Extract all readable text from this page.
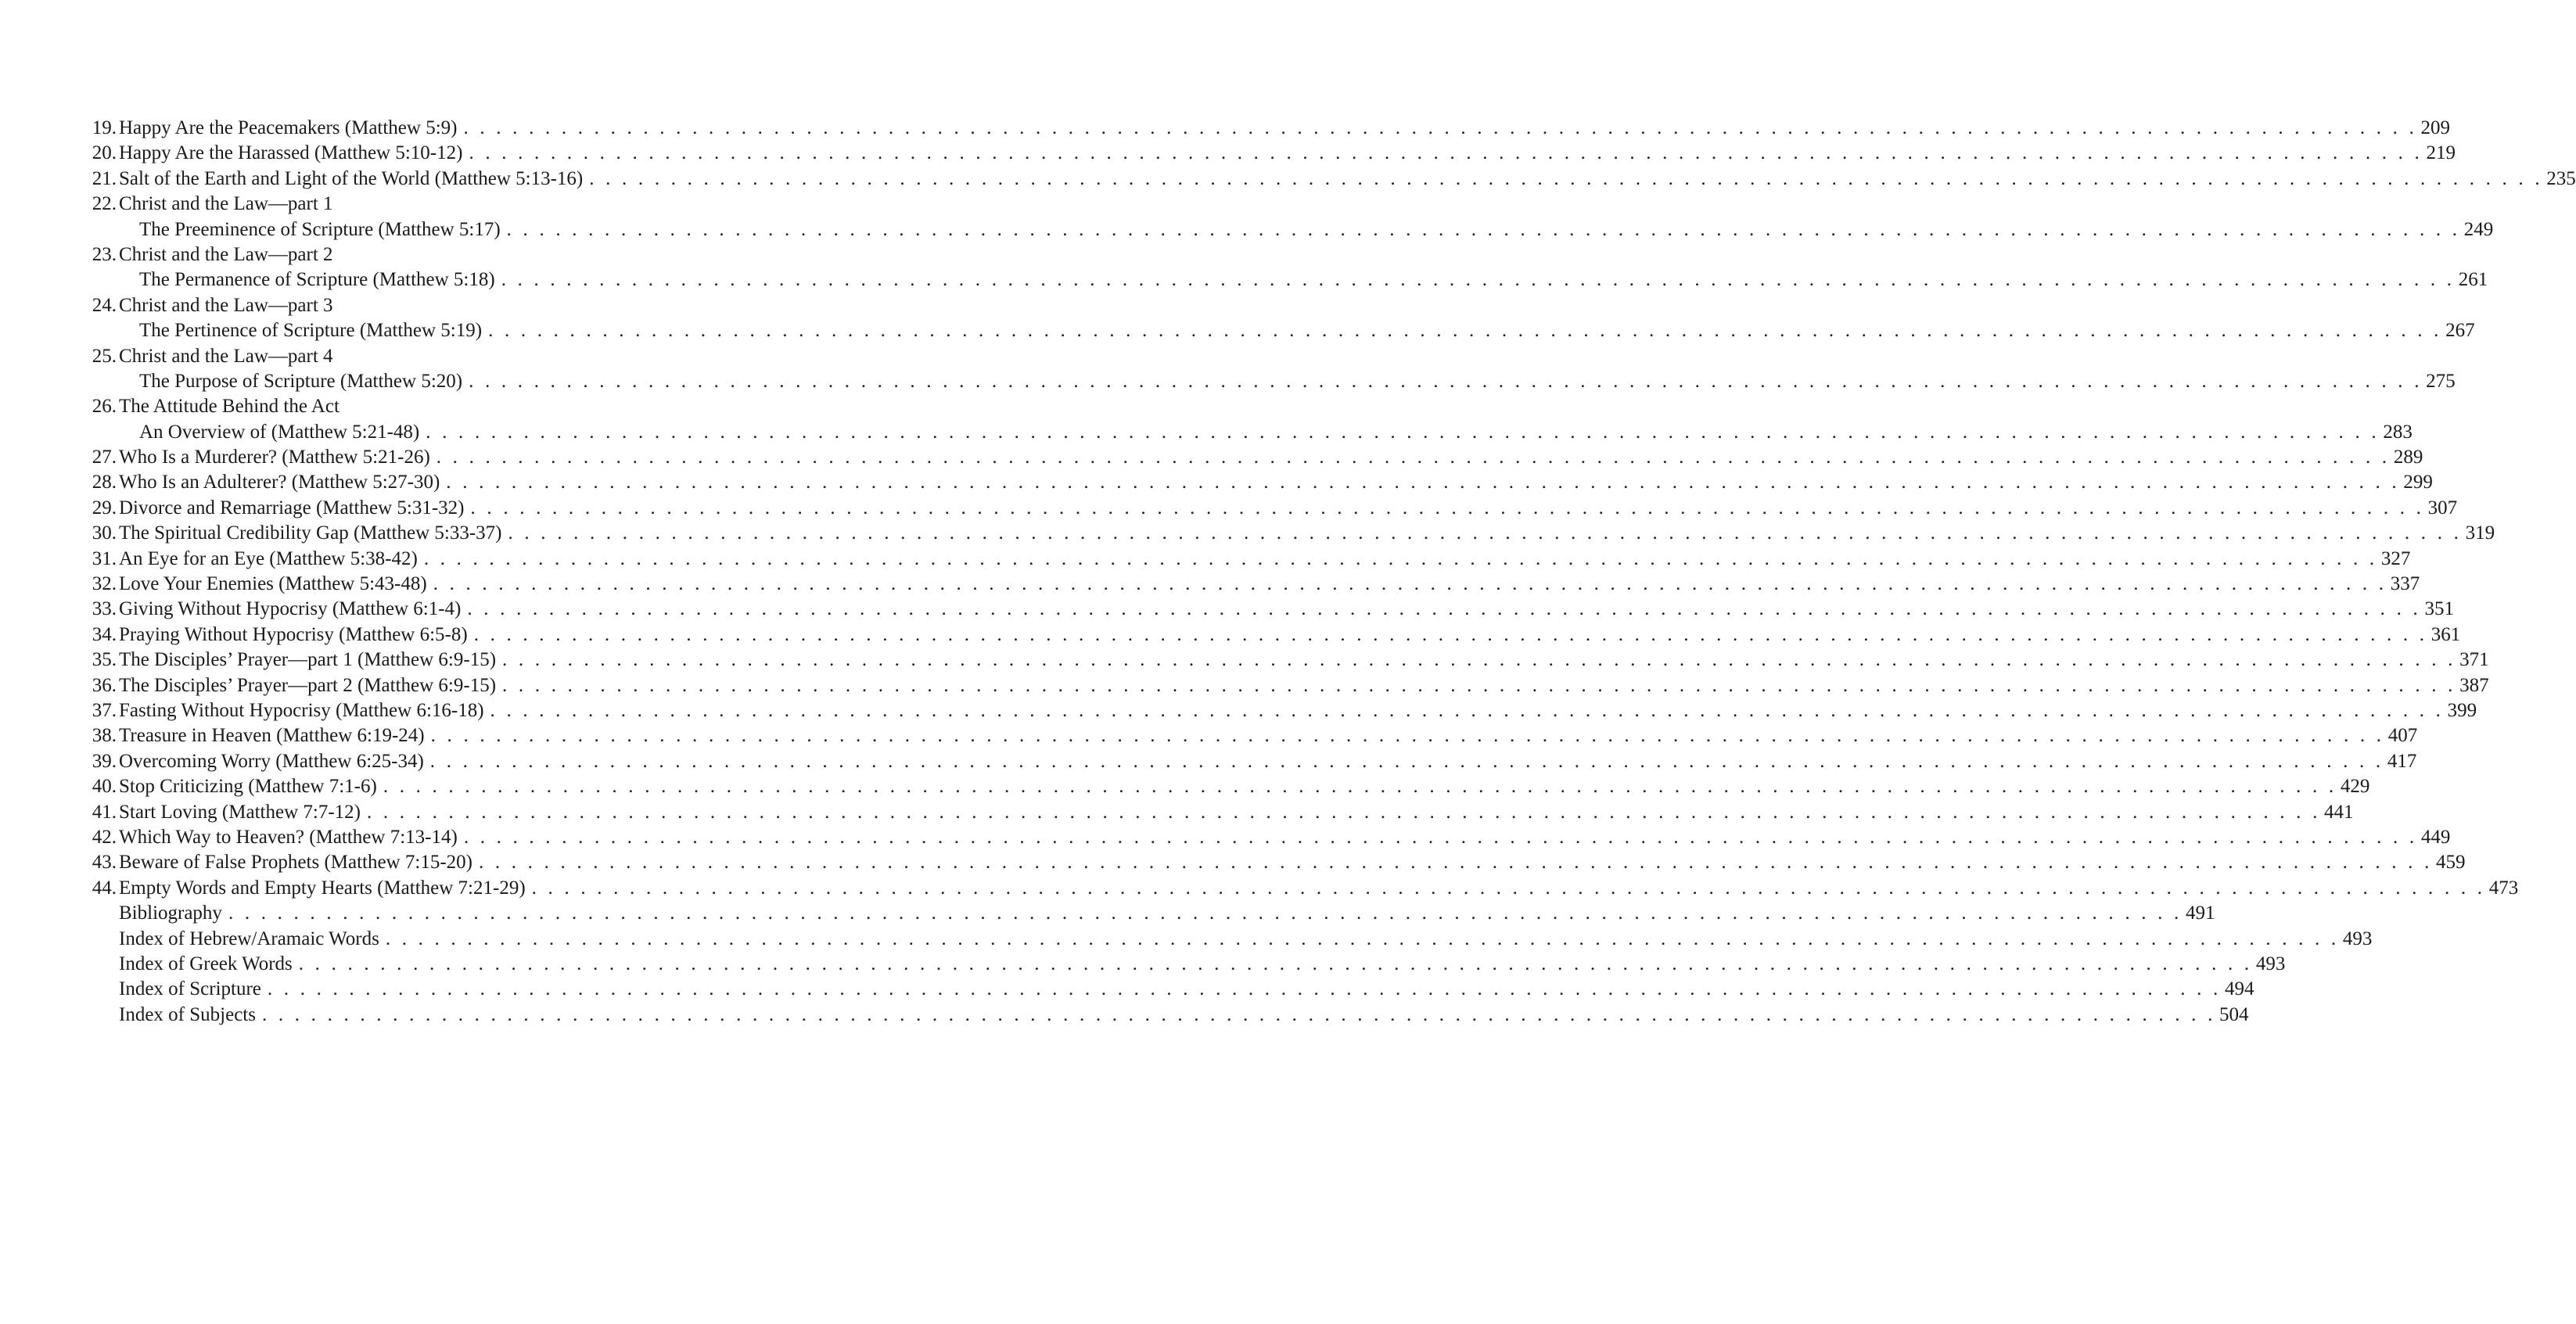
19. Happy Are the Peacemakers (Matthew 5:9) . . . . . . . . . . . . . . . . . . . . . . . . . . . . . . . . . . . . . . . . . . . . . . . . . . . . . . . . . . . . . . . . . . . . . . . . . . . . . . . . . . . . . . . . . . . . . . . . . . . . . . . . . . . . . . . . . . . . . . . . 209
20. Happy Are the Harassed (Matthew 5:10-12) . . . . . . . . . . . . . . . . . . . . . . . . . . . . . . . . . . . . . . . . . . . . . . . . . . . . . . . . . . . . . . . . . . . . . . . . . . . . . . . . . . . . . . . . . . . . . . . . . . . . . . . . . . . . . . . . . . . . . . . . 219
21. Salt of the Earth and Light of the World (Matthew 5:13-16) . . . . . . . . . . . . . . . . . . . . . . . . . . . . . . . . . . . . . . . . . . . . . . . . . . . . . . . . . . . . . . . . . . . . . . . . . . . . . . . . . . . . . . . . . . . . . . . . . . . . . . . . . . . . . . . . . . . . . . . . 235
22. Christ and the Law—part 1
The Preeminence of Scripture (Matthew 5:17) . . . . . . . . . . . . . . . . . . . . . . . . . . . . . . . . . . . . . . . . . . . . . . . . . . . . . . . . . . . . . . . . . . . . . . . . . . . . . . . . . . . . . . . . . . . . . . . . . . . . . . . . . . . . . . . . . . . . . . . . 249
23. Christ and the Law—part 2
The Permanence of Scripture (Matthew 5:18) . . . . . . . . . . . . . . . . . . . . . . . . . . . . . . . . . . . . . . . . . . . . . . . . . . . . . . . . . . . . . . . . . . . . . . . . . . . . . . . . . . . . . . . . . . . . . . . . . . . . . . . . . . . . . . . . . . . . . . . . 261
24. Christ and the Law—part 3
The Pertinence of Scripture (Matthew 5:19) . . . . . . . . . . . . . . . . . . . . . . . . . . . . . . . . . . . . . . . . . . . . . . . . . . . . . . . . . . . . . . . . . . . . . . . . . . . . . . . . . . . . . . . . . . . . . . . . . . . . . . . . . . . . . . . . . . . . . . . . 267
25. Christ and the Law—part 4
The Purpose of Scripture (Matthew 5:20) . . . . . . . . . . . . . . . . . . . . . . . . . . . . . . . . . . . . . . . . . . . . . . . . . . . . . . . . . . . . . . . . . . . . . . . . . . . . . . . . . . . . . . . . . . . . . . . . . . . . . . . . . . . . . . . . . . . . . . . . 275
26. The Attitude Behind the Act
An Overview of (Matthew 5:21-48) . . . . . . . . . . . . . . . . . . . . . . . . . . . . . . . . . . . . . . . . . . . . . . . . . . . . . . . . . . . . . . . . . . . . . . . . . . . . . . . . . . . . . . . . . . . . . . . . . . . . . . . . . . . . . . . . . . . . . . . . 283
27. Who Is a Murderer? (Matthew 5:21-26) . . . . . . . . . . . . . . . . . . . . . . . . . . . . . . . . . . . . . . . . . . . . . . . . . . . . . . . . . . . . . . . . . . . . . . . . . . . . . . . . . . . . . . . . . . . . . . . . . . . . . . . . . . . . . . . . . . . . . . . . 289
28. Who Is an Adulterer? (Matthew 5:27-30) . . . . . . . . . . . . . . . . . . . . . . . . . . . . . . . . . . . . . . . . . . . . . . . . . . . . . . . . . . . . . . . . . . . . . . . . . . . . . . . . . . . . . . . . . . . . . . . . . . . . . . . . . . . . . . . . . . . . . . . . 299
29. Divorce and Remarriage (Matthew 5:31-32) . . . . . . . . . . . . . . . . . . . . . . . . . . . . . . . . . . . . . . . . . . . . . . . . . . . . . . . . . . . . . . . . . . . . . . . . . . . . . . . . . . . . . . . . . . . . . . . . . . . . . . . . . . . . . . . . . . . . . . . . 307
30. The Spiritual Credibility Gap (Matthew 5:33-37) . . . . . . . . . . . . . . . . . . . . . . . . . . . . . . . . . . . . . . . . . . . . . . . . . . . . . . . . . . . . . . . . . . . . . . . . . . . . . . . . . . . . . . . . . . . . . . . . . . . . . . . . . . . . . . . . . . . . . . . . 319
31. An Eye for an Eye (Matthew 5:38-42) . . . . . . . . . . . . . . . . . . . . . . . . . . . . . . . . . . . . . . . . . . . . . . . . . . . . . . . . . . . . . . . . . . . . . . . . . . . . . . . . . . . . . . . . . . . . . . . . . . . . . . . . . . . . . . . . . . . . . . . . 327
32. Love Your Enemies (Matthew 5:43-48) . . . . . . . . . . . . . . . . . . . . . . . . . . . . . . . . . . . . . . . . . . . . . . . . . . . . . . . . . . . . . . . . . . . . . . . . . . . . . . . . . . . . . . . . . . . . . . . . . . . . . . . . . . . . . . . . . . . . . . . . 337
33. Giving Without Hypocrisy (Matthew 6:1-4) . . . . . . . . . . . . . . . . . . . . . . . . . . . . . . . . . . . . . . . . . . . . . . . . . . . . . . . . . . . . . . . . . . . . . . . . . . . . . . . . . . . . . . . . . . . . . . . . . . . . . . . . . . . . . . . . . . . . . . . . 351
34. Praying Without Hypocrisy (Matthew 6:5-8) . . . . . . . . . . . . . . . . . . . . . . . . . . . . . . . . . . . . . . . . . . . . . . . . . . . . . . . . . . . . . . . . . . . . . . . . . . . . . . . . . . . . . . . . . . . . . . . . . . . . . . . . . . . . . . . . . . . . . . . . 361
35. The Disciples’ Prayer—part 1 (Matthew 6:9-15) . . . . . . . . . . . . . . . . . . . . . . . . . . . . . . . . . . . . . . . . . . . . . . . . . . . . . . . . . . . . . . . . . . . . . . . . . . . . . . . . . . . . . . . . . . . . . . . . . . . . . . . . . . . . . . . . . . . . . . . . 371
36. The Disciples’ Prayer—part 2 (Matthew 6:9-15) . . . . . . . . . . . . . . . . . . . . . . . . . . . . . . . . . . . . . . . . . . . . . . . . . . . . . . . . . . . . . . . . . . . . . . . . . . . . . . . . . . . . . . . . . . . . . . . . . . . . . . . . . . . . . . . . . . . . . . . . 387
37. Fasting Without Hypocrisy (Matthew 6:16-18) . . . . . . . . . . . . . . . . . . . . . . . . . . . . . . . . . . . . . . . . . . . . . . . . . . . . . . . . . . . . . . . . . . . . . . . . . . . . . . . . . . . . . . . . . . . . . . . . . . . . . . . . . . . . . . . . . . . . . . . . 399
38. Treasure in Heaven (Matthew 6:19-24) . . . . . . . . . . . . . . . . . . . . . . . . . . . . . . . . . . . . . . . . . . . . . . . . . . . . . . . . . . . . . . . . . . . . . . . . . . . . . . . . . . . . . . . . . . . . . . . . . . . . . . . . . . . . . . . . . . . . . . . . 407
39. Overcoming Worry (Matthew 6:25-34) . . . . . . . . . . . . . . . . . . . . . . . . . . . . . . . . . . . . . . . . . . . . . . . . . . . . . . . . . . . . . . . . . . . . . . . . . . . . . . . . . . . . . . . . . . . . . . . . . . . . . . . . . . . . . . . . . . . . . . . . 417
40. Stop Criticizing (Matthew 7:1-6) . . . . . . . . . . . . . . . . . . . . . . . . . . . . . . . . . . . . . . . . . . . . . . . . . . . . . . . . . . . . . . . . . . . . . . . . . . . . . . . . . . . . . . . . . . . . . . . . . . . . . . . . . . . . . . . . . . . . . . . . 429
41. Start Loving (Matthew 7:7-12) . . . . . . . . . . . . . . . . . . . . . . . . . . . . . . . . . . . . . . . . . . . . . . . . . . . . . . . . . . . . . . . . . . . . . . . . . . . . . . . . . . . . . . . . . . . . . . . . . . . . . . . . . . . . . . . . . . . . . . . . 441
42. Which Way to Heaven? (Matthew 7:13-14) . . . . . . . . . . . . . . . . . . . . . . . . . . . . . . . . . . . . . . . . . . . . . . . . . . . . . . . . . . . . . . . . . . . . . . . . . . . . . . . . . . . . . . . . . . . . . . . . . . . . . . . . . . . . . . . . . . . . . . . . 449
43. Beware of False Prophets (Matthew 7:15-20) . . . . . . . . . . . . . . . . . . . . . . . . . . . . . . . . . . . . . . . . . . . . . . . . . . . . . . . . . . . . . . . . . . . . . . . . . . . . . . . . . . . . . . . . . . . . . . . . . . . . . . . . . . . . . . . . . . . . . . . . 459
44. Empty Words and Empty Hearts (Matthew 7:21-29) . . . . . . . . . . . . . . . . . . . . . . . . . . . . . . . . . . . . . . . . . . . . . . . . . . . . . . . . . . . . . . . . . . . . . . . . . . . . . . . . . . . . . . . . . . . . . . . . . . . . . . . . . . . . . . . . . . . . . . . . 473
Bibliography . . . . . . . . . . . . . . . . . . . . . . . . . . . . . . . . . . . . . . . . . . . . . . . . . . . . . . . . . . . . . . . . . . . . . . . . . . . . . . . . . . . . . . . . . . . . . . . . . . . . . . . . . . . . . . . . . . . . . . . . 491
Index of Hebrew/Aramaic Words . . . . . . . . . . . . . . . . . . . . . . . . . . . . . . . . . . . . . . . . . . . . . . . . . . . . . . . . . . . . . . . . . . . . . . . . . . . . . . . . . . . . . . . . . . . . . . . . . . . . . . . . . . . . . . . . . . . . . . . . 493
Index of Greek Words . . . . . . . . . . . . . . . . . . . . . . . . . . . . . . . . . . . . . . . . . . . . . . . . . . . . . . . . . . . . . . . . . . . . . . . . . . . . . . . . . . . . . . . . . . . . . . . . . . . . . . . . . . . . . . . . . . . . . . . . 493
Index of Scripture . . . . . . . . . . . . . . . . . . . . . . . . . . . . . . . . . . . . . . . . . . . . . . . . . . . . . . . . . . . . . . . . . . . . . . . . . . . . . . . . . . . . . . . . . . . . . . . . . . . . . . . . . . . . . . . . . . . . . . . . 494
Index of Subjects . . . . . . . . . . . . . . . . . . . . . . . . . . . . . . . . . . . . . . . . . . . . . . . . . . . . . . . . . . . . . . . . . . . . . . . . . . . . . . . . . . . . . . . . . . . . . . . . . . . . . . . . . . . . . . . . . . . . . . . . 504
